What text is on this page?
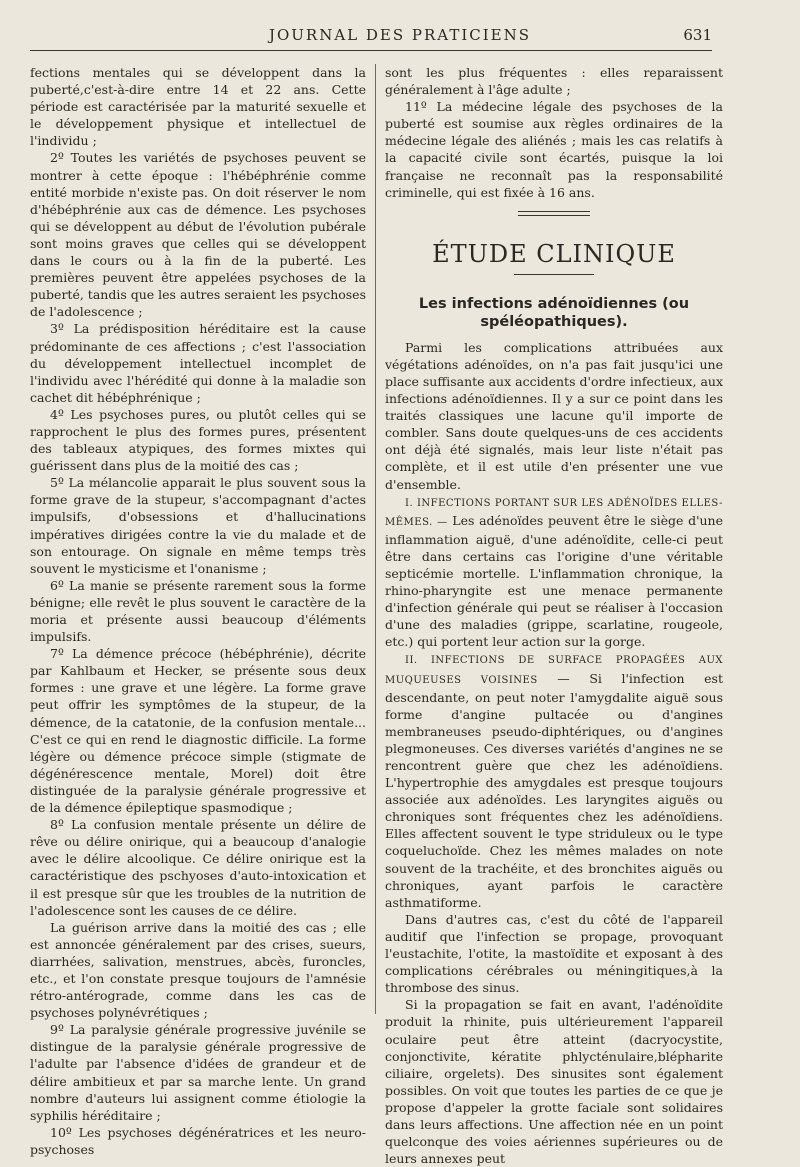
JOURNAL DES PRATICIENS	631

fections mentales qui se développent dans la puberté,c'est-à-dire entre 14 et 22 ans. Cette période est caractérisée par la maturité sexuelle et le développement physique et intellectuel de l'individu ;

2º Toutes les variétés de psychoses peuvent se montrer à cette époque : l'hébéphrénie comme entité morbide n'existe pas. On doit réserver le nom d'hébéphrénie aux cas de démence. Les psychoses qui se développent au début de l'évolution pubérale sont moins graves que celles qui se développent dans le cours ou à la fin de la puberté. Les premières peuvent être appelées psychoses de la puberté, tandis que les autres seraient les psychoses de l'adolescence ;

3º La prédisposition héréditaire est la cause prédominante de ces affections ; c'est l'association du développement intellectuel incomplet de l'individu avec l'hérédité qui donne à la maladie son cachet dit hébéphrénique ;

4º Les psychoses pures, ou plutôt celles qui se rapprochent le plus des formes pures, présentent des tableaux atypiques, des formes mixtes qui guérissent dans plus de la moitié des cas ;

5º La mélancolie apparait le plus souvent sous la forme grave de la stupeur, s'accompagnant d'actes impulsifs, d'obsessions et d'hallucinations impératives dirigées contre la vie du malade et de son entourage. On signale en même temps très souvent le mysticisme et l'onanisme ;

6º La manie se présente rarement sous la forme bénigne; elle revêt le plus souvent le caractère de la moria et présente aussi beaucoup d'éléments impulsifs.

7º La démence précoce (hébéphrénie), décrite par Kahlbaum et Hecker, se présente sous deux formes : une grave et une légère. La forme grave peut offrir les symptômes de la stupeur, de la démence, de la catatonie, de la confusion mentale... C'est ce qui en rend le diagnostic difficile. La forme légère ou démence précoce simple (stigmate de dégénérescence mentale, Morel) doit être distinguée de la paralysie générale progressive et de la démence épileptique spasmodique ;

8º La confusion mentale présente un délire de rêve ou délire onirique, qui a beaucoup d'analogie avec le délire alcoolique. Ce délire onirique est la caractéristique des pschyoses d'auto-intoxication et il est presque sûr que les troubles de la nutrition de l'adolescence sont les causes de ce délire.

La guérison arrive dans la moitié des cas ; elle est annoncée généralement par des crises, sueurs, diarrhées, salivation, menstrues, abcès, furoncles, etc., et l'on constate presque toujours de l'amnésie rétro-antérograde, comme dans les cas de psychoses polynévrétiques ;

9º La paralysie générale progressive juvénile se distingue de la paralysie générale progressive de l'adulte par l'absence d'idées de grandeur et de délire ambitieux et par sa marche lente. Un grand nombre d'auteurs lui assignent comme étiologie la syphilis héréditaire ;

10º Les psychoses dégénératrices et les neuro-psychoses

sont les plus fréquentes : elles reparaissent généralement à l'âge adulte ;

11º La médecine légale des psychoses de la puberté est soumise aux règles ordinaires de la médecine légale des aliénés ; mais les cas relatifs à la capacité civile sont écartés, puisque la loi française ne reconnaît pas la responsabilité criminelle, qui est fixée à 16 ans.

ÉTUDE CLINIQUE
Les infections adénoïdiennes (ou spéléopathiques).

Parmi les complications attribuées aux végétations adénoïdes, on n'a pas fait jusqu'ici une place suffisante aux accidents d'ordre infectieux, aux infections adénoïdiennes. Il y a sur ce point dans les traités classiques une lacune qu'il importe de combler. Sans doute quelques-uns de ces accidents ont déjà été signalés, mais leur liste n'était pas complète, et il est utile d'en présenter une vue d'ensemble.

I. INFECTIONS PORTANT SUR LES ADÉNOÏDES ELLES-MÊMES. — Les adénoïdes peuvent être le siège d'une inflammation aiguë, d'une adénoïdite, celle-ci peut être dans certains cas l'origine d'une véritable septicémie mortelle. L'inflammation chronique, la rhino-pharyngite est une menace permanente d'infection générale qui peut se réaliser à l'occasion d'une des maladies (grippe, scarlatine, rougeole, etc.) qui portent leur action sur la gorge.

II. INFECTIONS DE SURFACE PROPAGÉES AUX MUQUEUSES VOISINES — Si l'infection est descendante, on peut noter l'amygdalite aiguë sous forme d'angine pultacée ou d'angines membraneuses pseudo-diphtériques, ou d'angines plegmoneuses. Ces diverses variétés d'angines ne se rencontrent guère que chez les adénoïdiens. L'hypertrophie des amygdales est presque toujours associée aux adénoïdes. Les laryngites aiguës ou chroniques sont fréquentes chez les adénoïdiens. Elles affectent souvent le type striduleux ou le type coqueluchoïde. Chez les mêmes malades on note souvent de la trachéite, et des bronchites aiguës ou chroniques, ayant parfois le caractère asthmatiforme.

Dans d'autres cas, c'est du côté de l'appareil auditif que l'infection se propage, provoquant l'eustachite, l'otite, la mastoïdite et exposant à des complications cérébrales ou méningitiques,à la thrombose des sinus.

Si la propagation se fait en avant, l'adénoïdite produit la rhinite, puis ultérieurement l'appareil oculaire peut être atteint (dacryocystite, conjonctivite, kératite phlycténulaire,blépharite ciliaire, orgelets). Des sinusites sont également possibles. On voit que toutes les parties de ce que je propose d'appeler la grotte faciale sont solidaires dans leurs affections. Une affection née en un point quelconque des voies aériennes supérieures ou de leurs annexes peut
